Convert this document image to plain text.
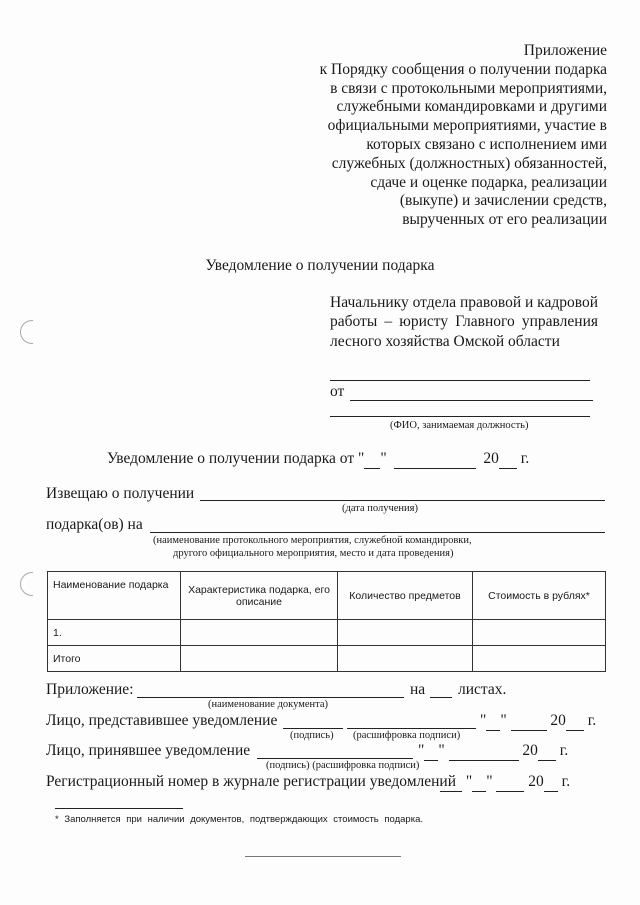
Приложение
к Порядку сообщения о получении подарка
в связи с протокольными мероприятиями,
служебными командировками и другими
официальными мероприятиями, участие в
которых связано с исполнением ими
служебных (должностных) обязанностей,
сдаче и оценке подарка, реализации
(выкупе) и зачислении средств,
вырученных от его реализации
Уведомление о получении подарка
Начальнику отдела правовой и кадровой работы – юристу Главного управления лесного хозяйства Омской области
от
(ФИО, занимаемая должность)
Уведомление о получении подарка от " "	20 г.
Извещаю о получении
(дата получения)
подарка(ов) на
(наименование протокольного мероприятия, служебной командировки,
другого официального мероприятия, место и дата проведения)
Наименование подарка	Характеристика подарка, его описание	Количество предметов	Стоимость в рублях*
1.			
Итого			
Приложение:	на листах.
(наименование документа)
Лицо, представившее уведомление	" "	20 г.
(подпись) (расшифровка подписи)
Лицо, принявшее уведомление	" "	20 г.
(подпись) (расшифровка подписи)
Регистрационный номер в журнале регистрации уведомлений " "   20 г.
* Заполняется при наличии документов, подтверждающих стоимость подарка.
